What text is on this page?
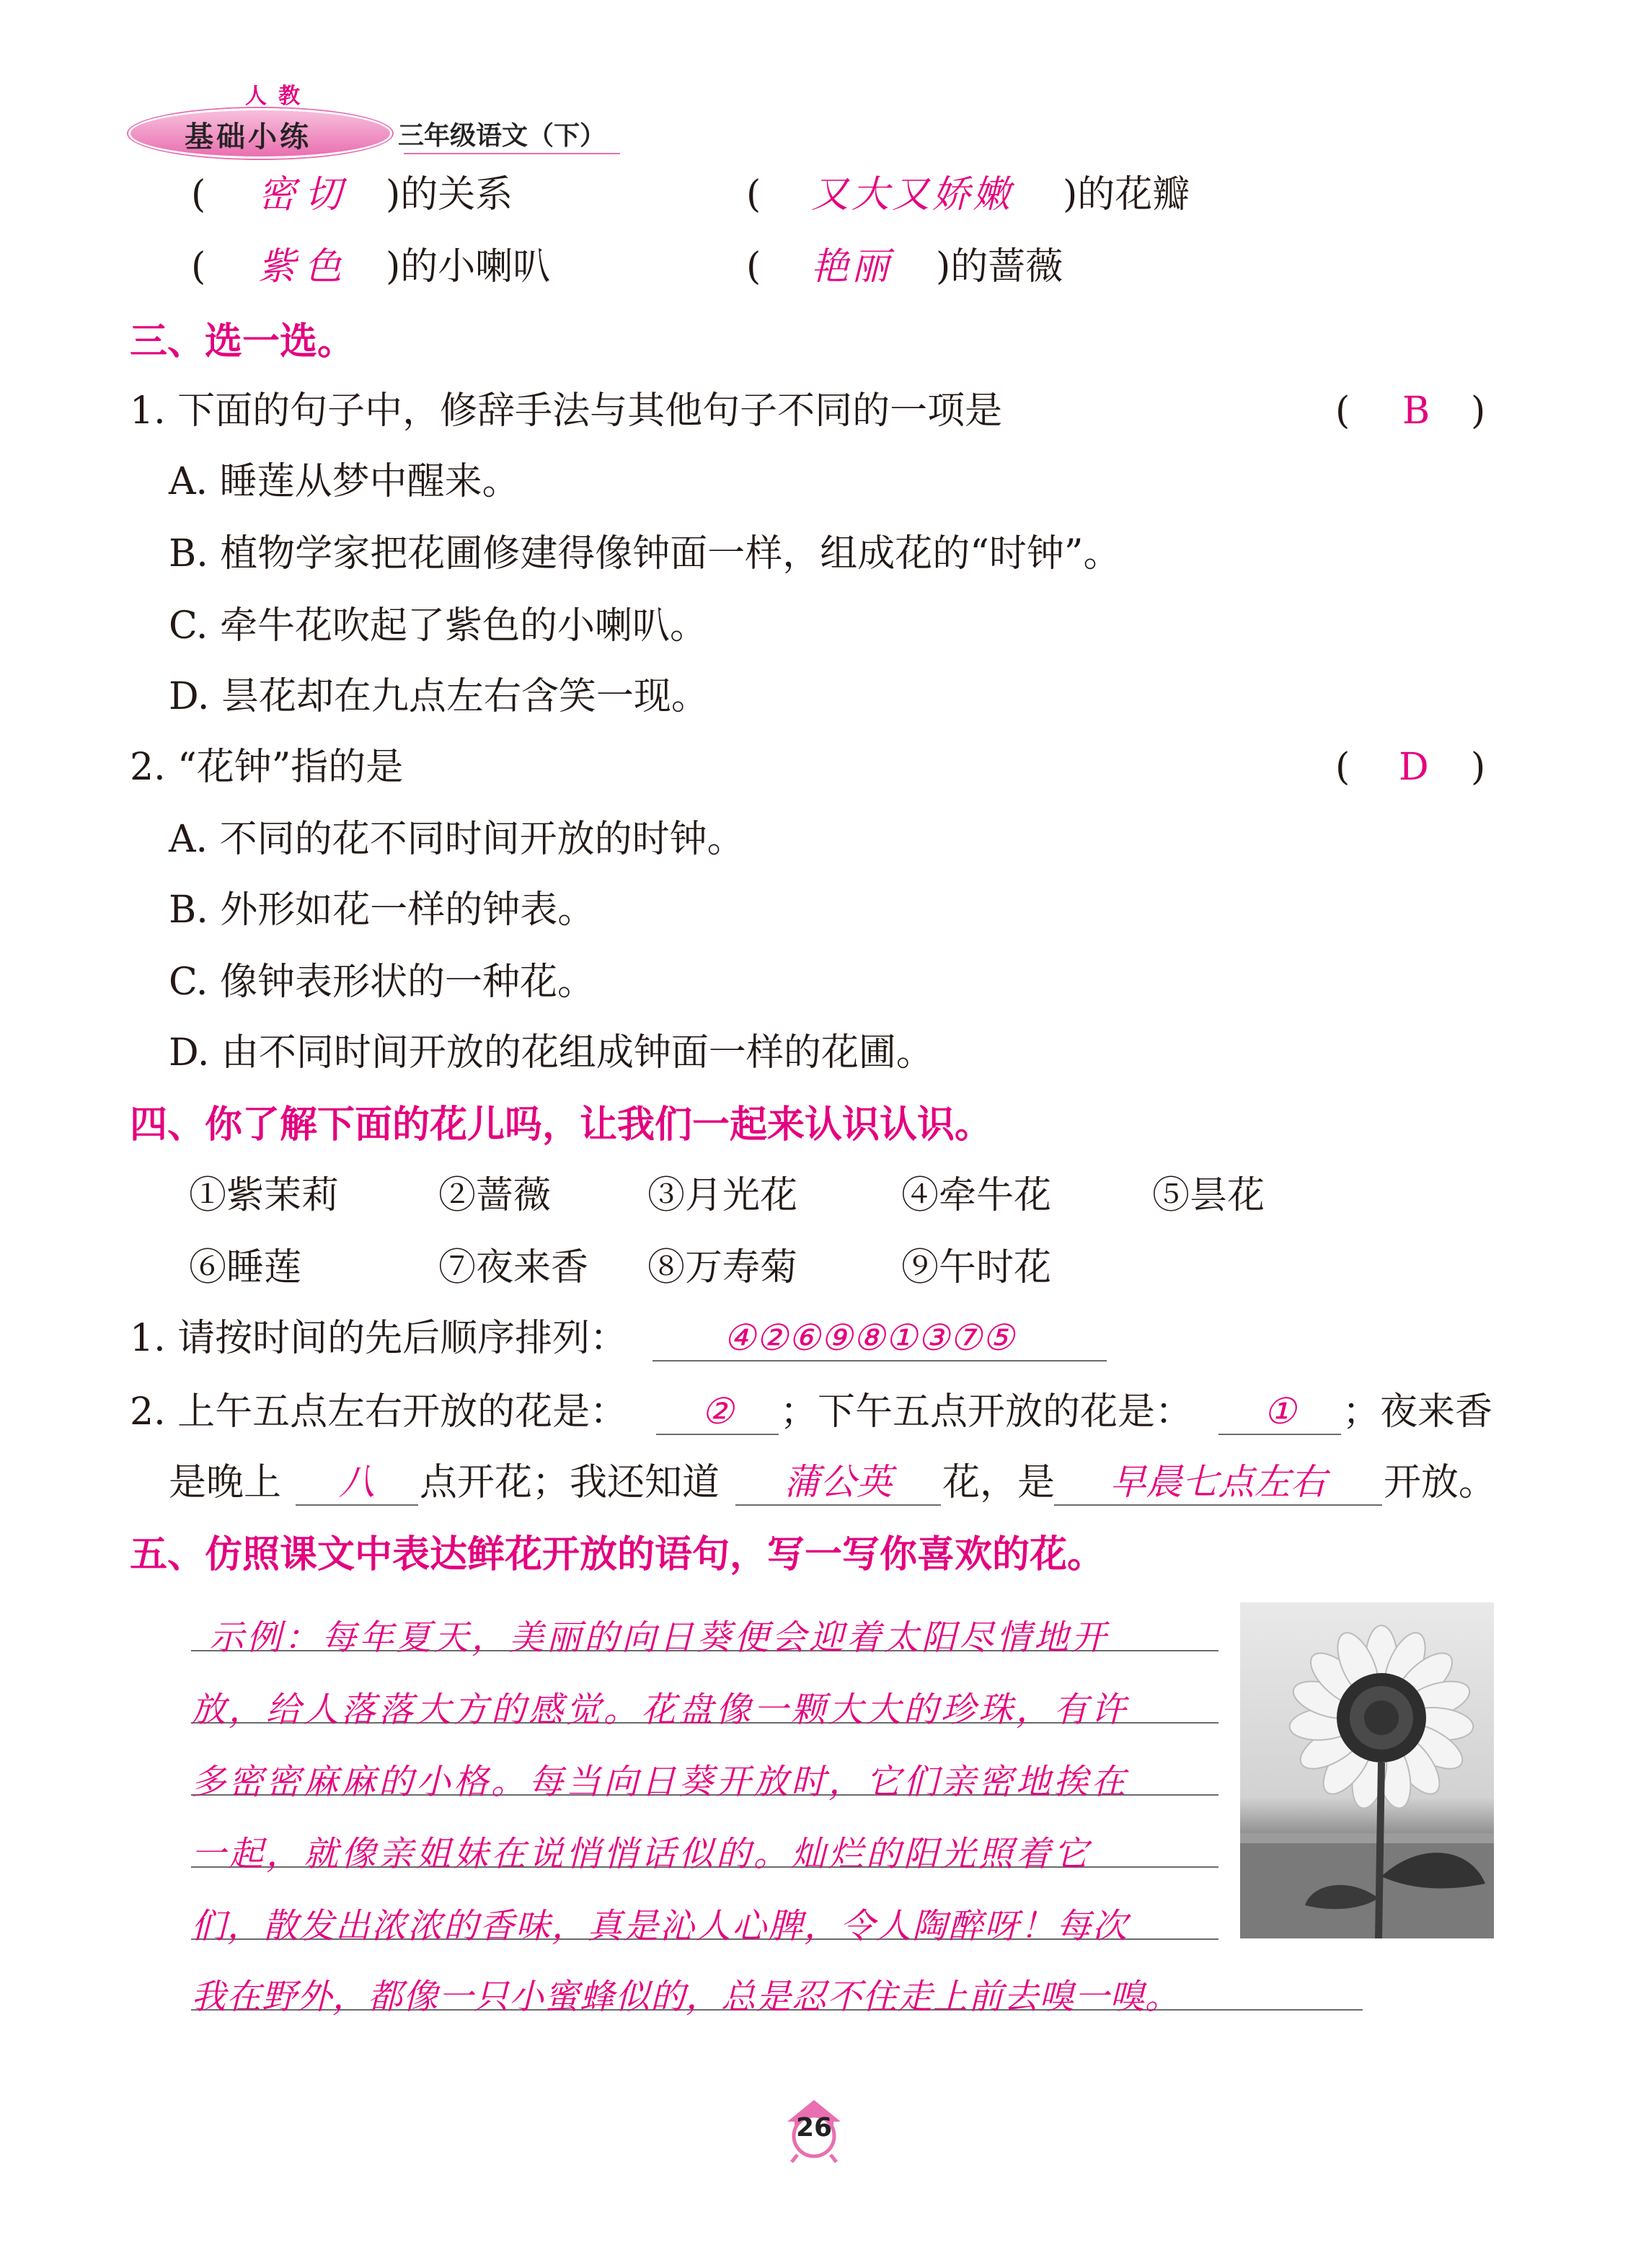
人教
基础小练	三年级语文（下）
( 密切 )的关系	( 又大又娇嫩 )的花瓣
( 紫色 )的小喇叭	( 艳丽 )的蔷薇
三、选一选。
1. 下面的句子中，修辞手法与其他句子不同的一项是	( B )
A. 睡莲从梦中醒来。
B. 植物学家把花圃修建得像钟面一样，组成花的“时钟”。
C. 牵牛花吹起了紫色的小喇叭。
D. 昙花却在九点左右含笑一现。
2. “花钟”指的是	( D )
A. 不同的花不同时间开放的时钟。
B. 外形如花一样的钟表。
C. 像钟表形状的一种花。
D. 由不同时间开放的花组成钟面一样的花圃。
四、你了解下面的花儿吗，让我们一起来认识认识。
①紫茉莉	②蔷薇	③月光花	④牵牛花	⑤昙花
⑥睡莲	⑦夜来香 ⑧万寿菊	⑨午时花
1. 请按时间的先后顺序排列：	④②⑥⑨⑧①③⑦⑤
2. 上午五点左右开放的花是：	②	；下午五点开放的花是：	①	；夜来香
是晚上	八	点开花；我还知道	蒲公英	花，是	早晨七点左右	开放。
五、仿照课文中表达鲜花开放的语句，写一写你喜欢的花。
示例：每年夏天，美丽的向日葵便会迎着太阳尽情地开
放，给人落落大方的感觉。花盘像一颗大大的珍珠，有许
多密密麻麻的小格。每当向日葵开放时，它们亲密地挨在
一起，就像亲姐妹在说悄悄话似的。灿烂的阳光照着它
们，散发出浓浓的香味，真是沁人心脾，令人陶醉呀！每次
我在野外，都像一只小蜜蜂似的，总是忍不住走上前去嗅一嗅。
26
